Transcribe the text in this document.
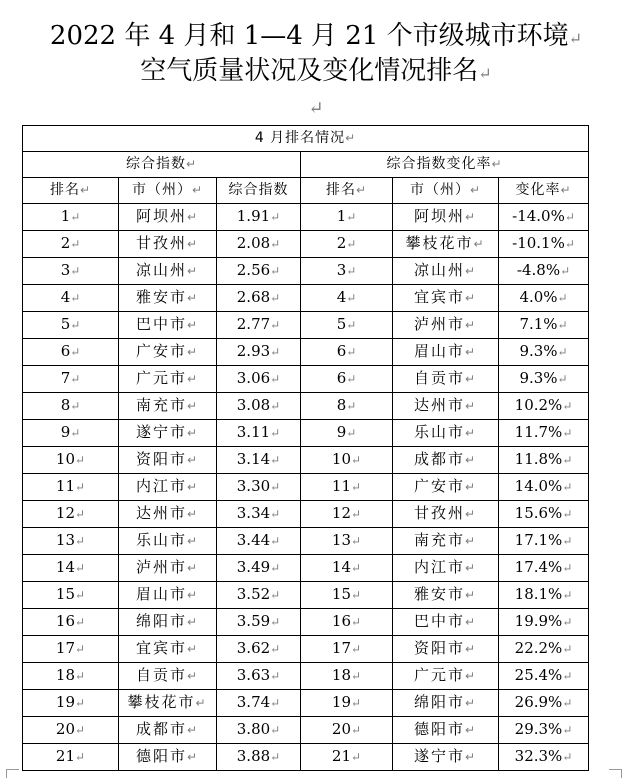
2022 年 4 月和 1—4 月 21 个市级城市环境↵
空气质量状况及变化情况排名↵
↵
4 月排名情况↵					
综合指数↵			综合指数变化率↵		
排名↵	市（州）↵	综合指数	排名↵	市（州）↵	变化率↵
1↵	阿坝州↵	1.91↵	1↵	阿坝州↵	-14.0%↵
2↵	甘孜州↵	2.08↵	2↵	攀枝花市↵	-10.1%↵
3↵	凉山州↵	2.56↵	3↵	凉山州↵	-4.8%↵
4↵	雅安市↵	2.68↵	4↵	宜宾市↵	4.0%↵
5↵	巴中市↵	2.77↵	5↵	泸州市↵	7.1%↵
6↵	广安市↵	2.93↵	6↵	眉山市↵	9.3%↵
7↵	广元市↵	3.06↵	6↵	自贡市↵	9.3%↵
8↵	南充市↵	3.08↵	8↵	达州市↵	10.2%↵
9↵	遂宁市↵	3.11↵	9↵	乐山市↵	11.7%↵
10↵	资阳市↵	3.14↵	10↵	成都市↵	11.8%↵
11↵	内江市↵	3.30↵	11↵	广安市↵	14.0%↵
12↵	达州市↵	3.34↵	12↵	甘孜州↵	15.6%↵
13↵	乐山市↵	3.44↵	13↵	南充市↵	17.1%↵
14↵	泸州市↵	3.49↵	14↵	内江市↵	17.4%↵
15↵	眉山市↵	3.52↵	15↵	雅安市↵	18.1%↵
16↵	绵阳市↵	3.59↵	16↵	巴中市↵	19.9%↵
17↵	宜宾市↵	3.62↵	17↵	资阳市↵	22.2%↵
18↵	自贡市↵	3.63↵	18↵	广元市↵	25.4%↵
19↵	攀枝花市↵	3.74↵	19↵	绵阳市↵	26.9%↵
20↵	成都市↵	3.80↵	20↵	德阳市↵	29.3%↵
21↵	德阳市↵	3.88↵	21↵	遂宁市↵	32.3%↵
